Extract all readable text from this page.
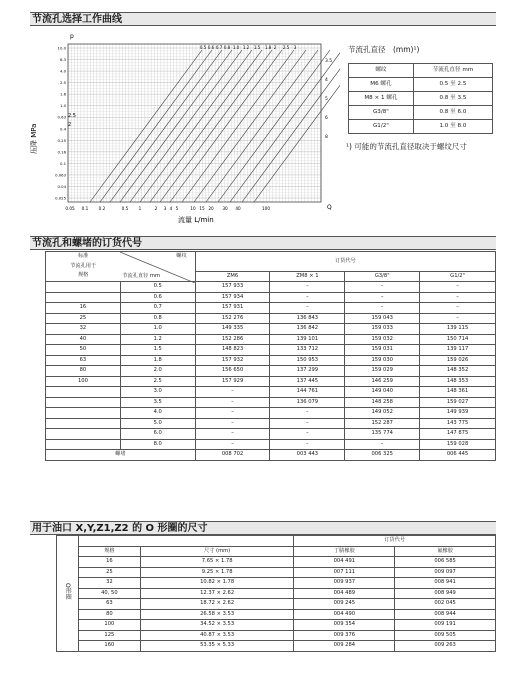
节流孔选择工作曲线
10.0
6.3
4.0
2.5
1.6
1.0
0.63
0.4
0.25
0.16
0.1
0.063
0.04
0.025
0.05 0.1 0.2	0.5 1	2 3 4 5	10 15 20 30 40	100
0.5 0.6 0.7 0.8 1.0 1.2 1.5 1.8 2 2.5 3
3.5
4
5
6
8
p
Q
压降 MPa
流量 L/min
2.5
2
节流孔直径　(mm)¹)
螺纹	节流孔直径 mm
M6 螺孔	0.5 至 2.5
M8 × 1 螺孔	0.8 至 3.5
G3/8"	0.8 至 6.0
G1/2"	1.0 至 8.0
¹) 可能的节流孔直径取决于螺纹尺寸
节流孔和螺堵的订货代号
标准	螺纹
节流孔直径 mm	订货代号			
节流孔用于					
规格		ZM6	ZM8 × 1	G3/8"	G1/2"
	0.5	157 933	–	–	–
	0.6	157 934	–	–	–
16	0.7	157 931	–	–	–
25	0.8	152 276	136 843	159 043	–
32	1.0	149 335	136 842	159 033	139 115
40	1.2	152 286	139 101	159 032	150 714
50	1.5	148 823	133 712	159 031	139 117
63	1.8	157 932	150 953	159 030	159 026
80	2.0	156 650	137 299	159 029	148 352
100	2.5	157 929	137 445	146 259	148 353
	3.0	–	144 761	149 040	148 361
	3.5	–	136 079	148 258	159 027
	4.0	–	–	149 052	149 939
	5.0	–	–	152 287	143 775
	6.0	–	–	135 774	147 875
	8.0	–	–	–	159 028
螺堵		008 702	003 443	006 325	006 445
用于油口 X,Y,Z1,Z2 的 O 形圈的尺寸
O形圈			订货代号	
	规格	尺寸 (mm)	丁腈橡胶	氟橡胶
	16	7.65 × 1.78	004 491	006 585
	25	9.25 × 1.78	007 111	009 097
	32	10.82 × 1.78	009 937	008 941
	40, 50	12.37 × 2.62	004 489	008 949
	63	18.72 × 2.62	009 245	002 045
	80	26.58 × 3.53	004 490	008 944
	100	34.52 × 3.53	009 354	009 191
	125	40.87 × 3.53	009 376	009 505
	160	53.35 × 5.33	009 284	009 263
